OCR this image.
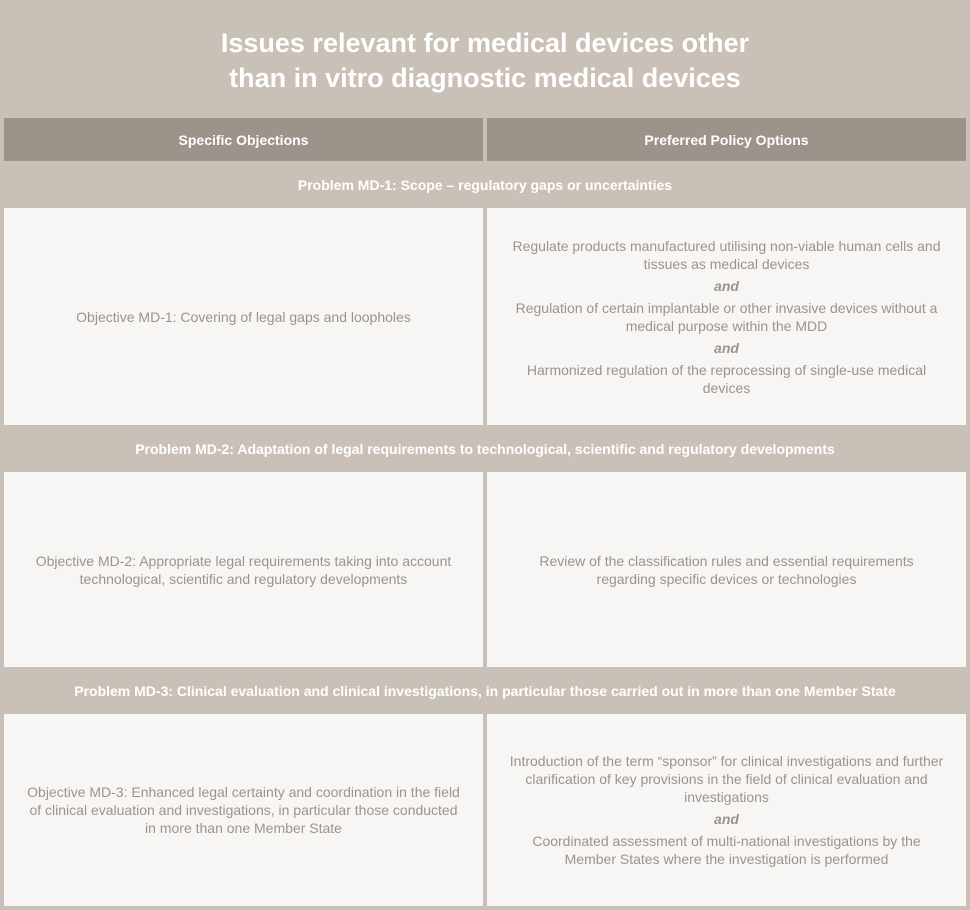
Issues relevant for medical devices other
than in vitro diagnostic medical devices
Specific Objections	Preferred Policy Options
Problem MD-1: Scope – regulatory gaps or uncertainties
Objective MD-1: Covering of legal gaps and loopholes
Regulate products manufactured utilising non-viable human cells and tissues as medical devices
and
Regulation of certain implantable or other invasive devices without a medical purpose within the MDD
and
Harmonized regulation of the reprocessing of single-use medical devices
Problem MD-2: Adaptation of legal requirements to technological, scientific and regulatory developments
Objective MD-2: Appropriate legal requirements taking into account technological, scientific and regulatory developments
Review of the classification rules and essential requirements regarding specific devices or technologies
Problem MD-3: Clinical evaluation and clinical investigations, in particular those carried out in more than one Member State
Objective MD-3: Enhanced legal certainty and coordination in the field of clinical evaluation and investigations, in particular those conducted in more than one Member State
Introduction of the term “sponsor” for clinical investigations and further clarification of key provisions in the field of clinical evaluation and investigations
and
Coordinated assessment of multi-national investigations by the Member States where the investigation is performed
